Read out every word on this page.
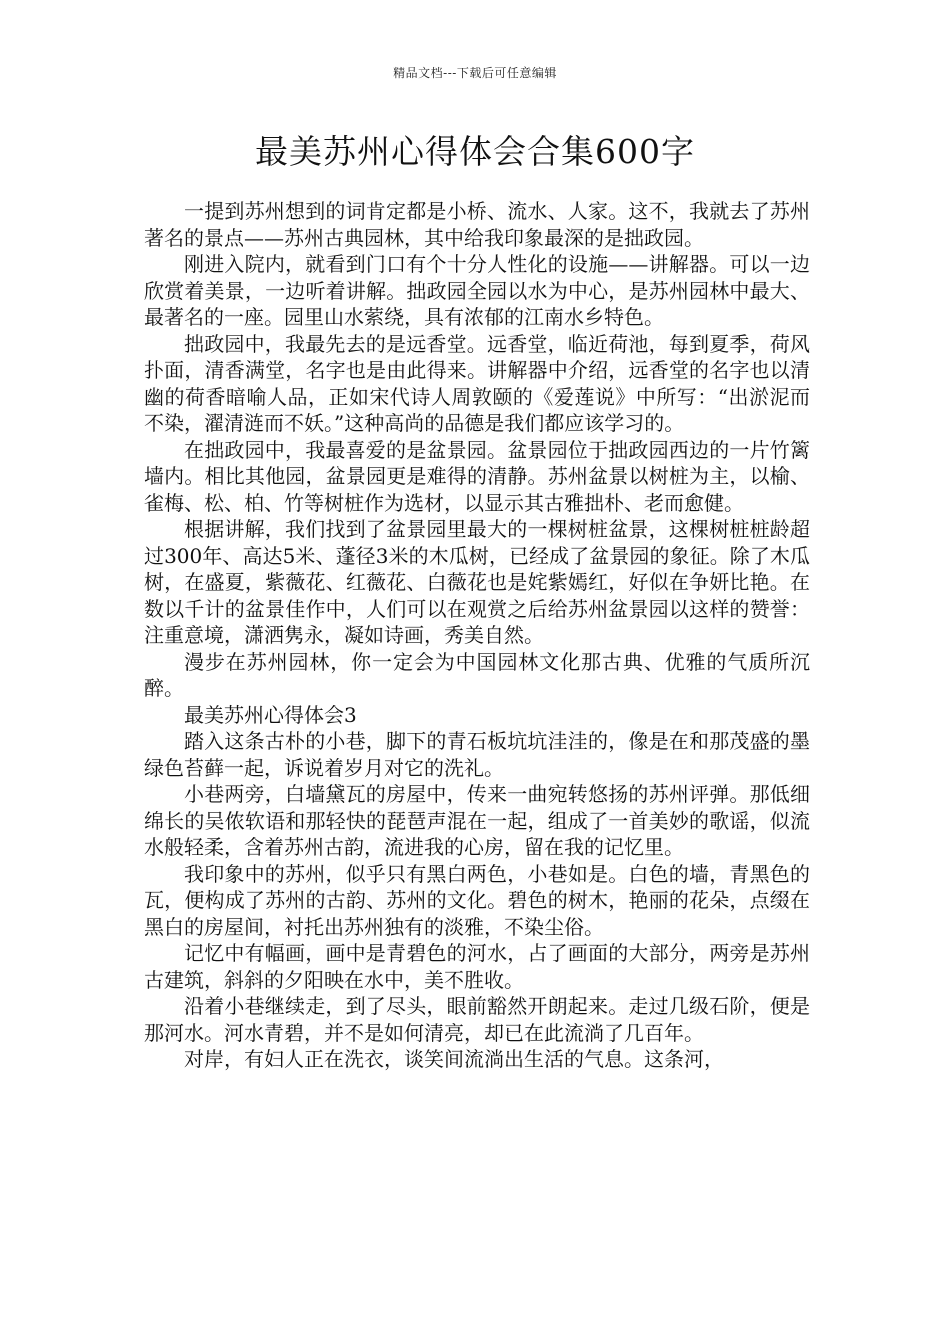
精品文档---下载后可任意编辑
最美苏州心得体会合集600字

一提到苏州想到的词肯定都是小桥、流水、人家。这不，我就去了苏州著名的景点——苏州古典园林，其中给我印象最深的是拙政园。

刚进入院内，就看到门口有个十分人性化的设施——讲解器。可以一边欣赏着美景，一边听着讲解。拙政园全园以水为中心，是苏州园林中最大、最著名的一座。园里山水萦绕，具有浓郁的江南水乡特色。

拙政园中，我最先去的是远香堂。远香堂，临近荷池，每到夏季，荷风扑面，清香满堂，名字也是由此得来。讲解器中介绍，远香堂的名字也以清幽的荷香暗喻人品，正如宋代诗人周敦颐的《爱莲说》中所写：“出淤泥而不染，濯清涟而不妖。”这种高尚的品德是我们都应该学习的。

在拙政园中，我最喜爱的是盆景园。盆景园位于拙政园西边的一片竹篱墙内。相比其他园，盆景园更是难得的清静。苏州盆景以树桩为主，以榆、雀梅、松、柏、竹等树桩作为选材，以显示其古雅拙朴、老而愈健。

根据讲解，我们找到了盆景园里最大的一棵树桩盆景，这棵树桩桩龄超过300年、高达5米、蓬径3米的木瓜树，已经成了盆景园的象征。除了木瓜树，在盛夏，紫薇花、红薇花、白薇花也是姹紫嫣红，好似在争妍比艳。在数以千计的盆景佳作中，人们可以在观赏之后给苏州盆景园以这样的赞誉：注重意境，潇洒隽永，凝如诗画，秀美自然。

漫步在苏州园林，你一定会为中国园林文化那古典、优雅的气质所沉醉。

最美苏州心得体会3

踏入这条古朴的小巷，脚下的青石板坑坑洼洼的，像是在和那茂盛的墨绿色苔藓一起，诉说着岁月对它的洗礼。

小巷两旁，白墙黛瓦的房屋中，传来一曲宛转悠扬的苏州评弹。那低细绵长的吴侬软语和那轻快的琵琶声混在一起，组成了一首美妙的歌谣，似流水般轻柔，含着苏州古韵，流进我的心房，留在我的记忆里。

我印象中的苏州，似乎只有黑白两色，小巷如是。白色的墙，青黑色的瓦，便构成了苏州的古韵、苏州的文化。碧色的树木，艳丽的花朵，点缀在黑白的房屋间，衬托出苏州独有的淡雅，不染尘俗。

记忆中有幅画，画中是青碧色的河水，占了画面的大部分，两旁是苏州古建筑，斜斜的夕阳映在水中，美不胜收。

沿着小巷继续走，到了尽头，眼前豁然开朗起来。走过几级石阶，便是那河水。河水青碧，并不是如何清亮，却已在此流淌了几百年。

对岸，有妇人正在洗衣，谈笑间流淌出生活的气息。这条河，
